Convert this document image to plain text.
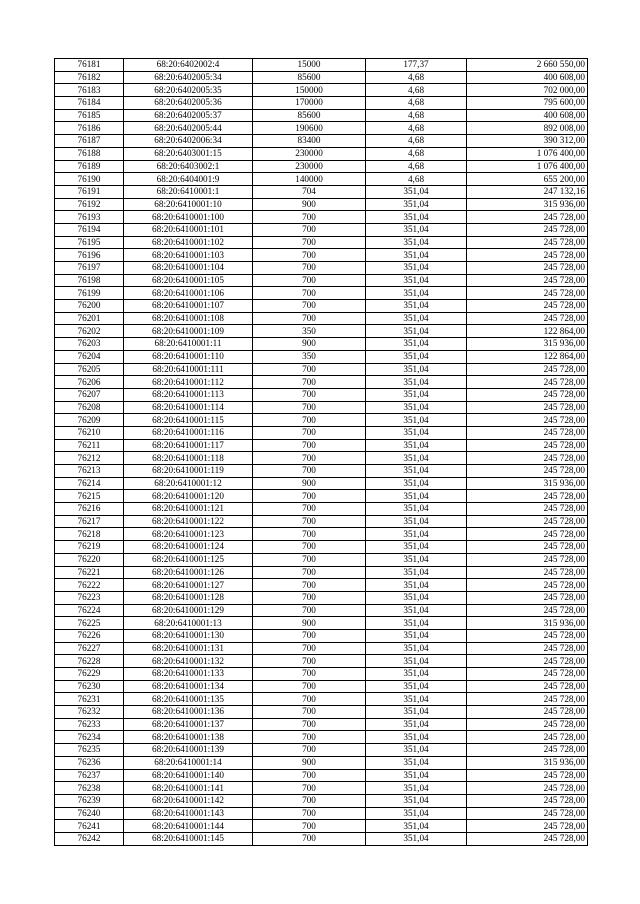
76181	68:20:6402002:4	15000	177,37	2 660 550,00
76182	68:20:6402005:34	85600	4,68	400 608,00
76183	68:20:6402005:35	150000	4,68	702 000,00
76184	68:20:6402005:36	170000	4,68	795 600,00
76185	68:20:6402005:37	85600	4,68	400 608,00
76186	68:20:6402005:44	190600	4,68	892 008,00
76187	68:20:6402006:34	83400	4,68	390 312,00
76188	68:20:6403001:15	230000	4,68	1 076 400,00
76189	68:20:6403002:1	230000	4,68	1 076 400,00
76190	68:20:6404001:9	140000	4,68	655 200,00
76191	68:20:6410001:1	704	351,04	247 132,16
76192	68:20:6410001:10	900	351,04	315 936,00
76193	68:20:6410001:100	700	351,04	245 728,00
76194	68:20:6410001:101	700	351,04	245 728,00
76195	68:20:6410001:102	700	351,04	245 728,00
76196	68:20:6410001:103	700	351,04	245 728,00
76197	68:20:6410001:104	700	351,04	245 728,00
76198	68:20:6410001:105	700	351,04	245 728,00
76199	68:20:6410001:106	700	351,04	245 728,00
76200	68:20:6410001:107	700	351,04	245 728,00
76201	68:20:6410001:108	700	351,04	245 728,00
76202	68:20:6410001:109	350	351,04	122 864,00
76203	68:20:6410001:11	900	351,04	315 936,00
76204	68:20:6410001:110	350	351,04	122 864,00
76205	68:20:6410001:111	700	351,04	245 728,00
76206	68:20:6410001:112	700	351,04	245 728,00
76207	68:20:6410001:113	700	351,04	245 728,00
76208	68:20:6410001:114	700	351,04	245 728,00
76209	68:20:6410001:115	700	351,04	245 728,00
76210	68:20:6410001:116	700	351,04	245 728,00
76211	68:20:6410001:117	700	351,04	245 728,00
76212	68:20:6410001:118	700	351,04	245 728,00
76213	68:20:6410001:119	700	351,04	245 728,00
76214	68:20:6410001:12	900	351,04	315 936,00
76215	68:20:6410001:120	700	351,04	245 728,00
76216	68:20:6410001:121	700	351,04	245 728,00
76217	68:20:6410001:122	700	351,04	245 728,00
76218	68:20:6410001:123	700	351,04	245 728,00
76219	68:20:6410001:124	700	351,04	245 728,00
76220	68:20:6410001:125	700	351,04	245 728,00
76221	68:20:6410001:126	700	351,04	245 728,00
76222	68:20:6410001:127	700	351,04	245 728,00
76223	68:20:6410001:128	700	351,04	245 728,00
76224	68:20:6410001:129	700	351,04	245 728,00
76225	68:20:6410001:13	900	351,04	315 936,00
76226	68:20:6410001:130	700	351,04	245 728,00
76227	68:20:6410001:131	700	351,04	245 728,00
76228	68:20:6410001:132	700	351,04	245 728,00
76229	68:20:6410001:133	700	351,04	245 728,00
76230	68:20:6410001:134	700	351,04	245 728,00
76231	68:20:6410001:135	700	351,04	245 728,00
76232	68:20:6410001:136	700	351,04	245 728,00
76233	68:20:6410001:137	700	351,04	245 728,00
76234	68:20:6410001:138	700	351,04	245 728,00
76235	68:20:6410001:139	700	351,04	245 728,00
76236	68:20:6410001:14	900	351,04	315 936,00
76237	68:20:6410001:140	700	351,04	245 728,00
76238	68:20:6410001:141	700	351,04	245 728,00
76239	68:20:6410001:142	700	351,04	245 728,00
76240	68:20:6410001:143	700	351,04	245 728,00
76241	68:20:6410001:144	700	351,04	245 728,00
76242	68:20:6410001:145	700	351,04	245 728,00
